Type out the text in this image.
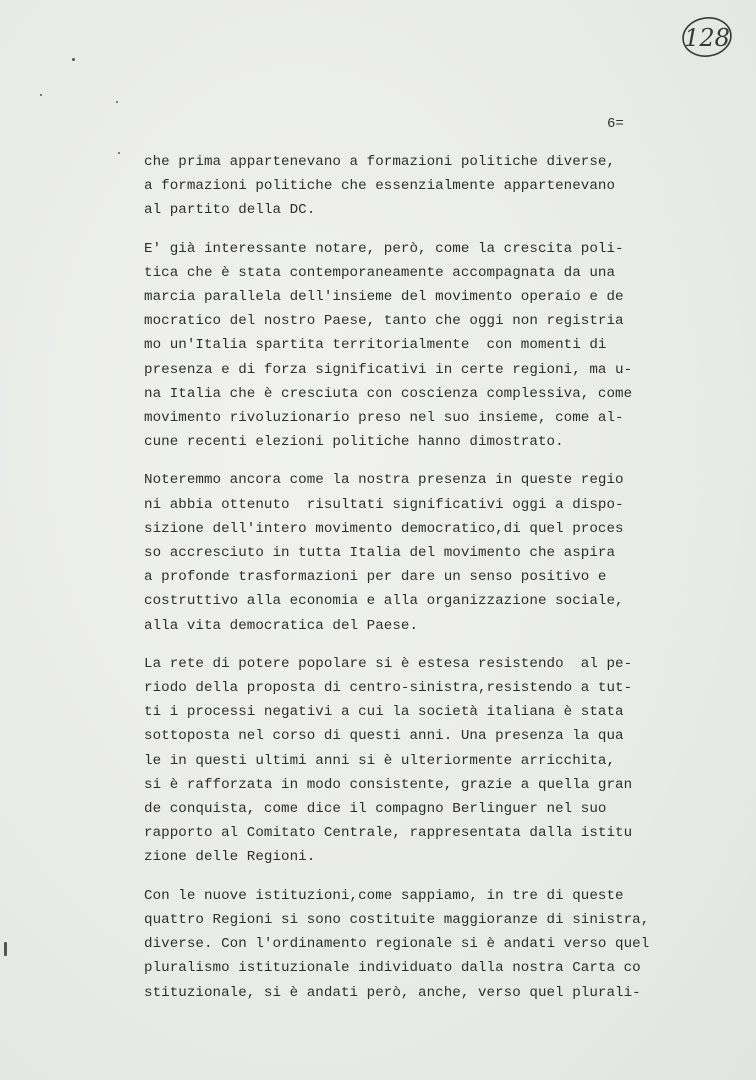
128
6=
che prima appartenevano a formazioni politiche diverse,
a formazioni politiche che essenzialmente appartenevano
al partito della DC.
E' già interessante notare, però, come la crescita poli-
tica che è stata contemporaneamente accompagnata da una
marcia parallela dell'insieme del movimento operaio e de
mocratico del nostro Paese, tanto che oggi non registria
mo un'Italia spartita territorialmente  con momenti di
presenza e di forza significativi in certe regioni, ma u-
na Italia che è cresciuta con coscienza complessiva, come
movimento rivoluzionario preso nel suo insieme, come al-
cune recenti elezioni politiche hanno dimostrato.
Noteremmo ancora come la nostra presenza in queste regio
ni abbia ottenuto  risultati significativi oggi a dispo-
sizione dell'intero movimento democratico,di quel proces
so accresciuto in tutta Italia del movimento che aspira
a profonde trasformazioni per dare un senso positivo e
costruttivo alla economia e alla organizzazione sociale,
alla vita democratica del Paese.
La rete di potere popolare si è estesa resistendo  al pe-
riodo della proposta di centro-sinistra,resistendo a tut-
ti i processi negativi a cui la società italiana è stata
sottoposta nel corso di questi anni. Una presenza la qua
le in questi ultimi anni si è ulteriormente arricchita,
si è rafforzata in modo consistente, grazie a quella gran
de conquista, come dice il compagno Berlinguer nel suo
rapporto al Comitato Centrale, rappresentata dalla istitu
zione delle Regioni.
Con le nuove istituzioni,come sappiamo, in tre di queste
quattro Regioni si sono costituite maggioranze di sinistra,
diverse. Con l'ordinamento regionale si è andati verso quel
pluralismo istituzionale individuato dalla nostra Carta co
stituzionale, si è andati però, anche, verso quel plurali-
